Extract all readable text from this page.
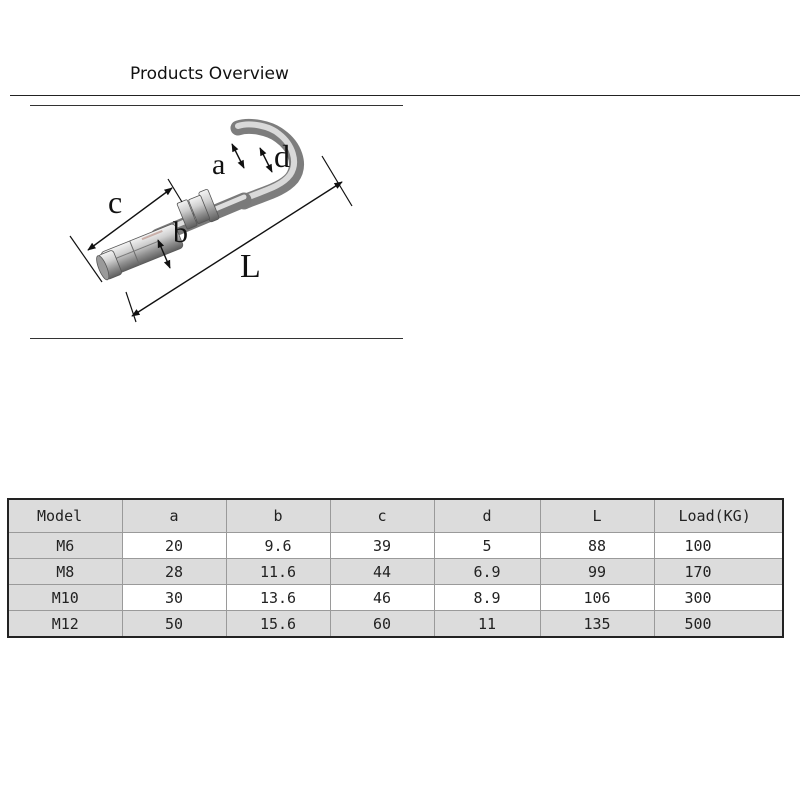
Products Overview
c
b
a d
L
Model	a	b	c	d	L	Load(KG)
M6	20	9.6	39	5	88	100
M8	28	11.6	44	6.9	99	170
M10	30	13.6	46	8.9	106	300
M12	50	15.6	60	11	135	500
